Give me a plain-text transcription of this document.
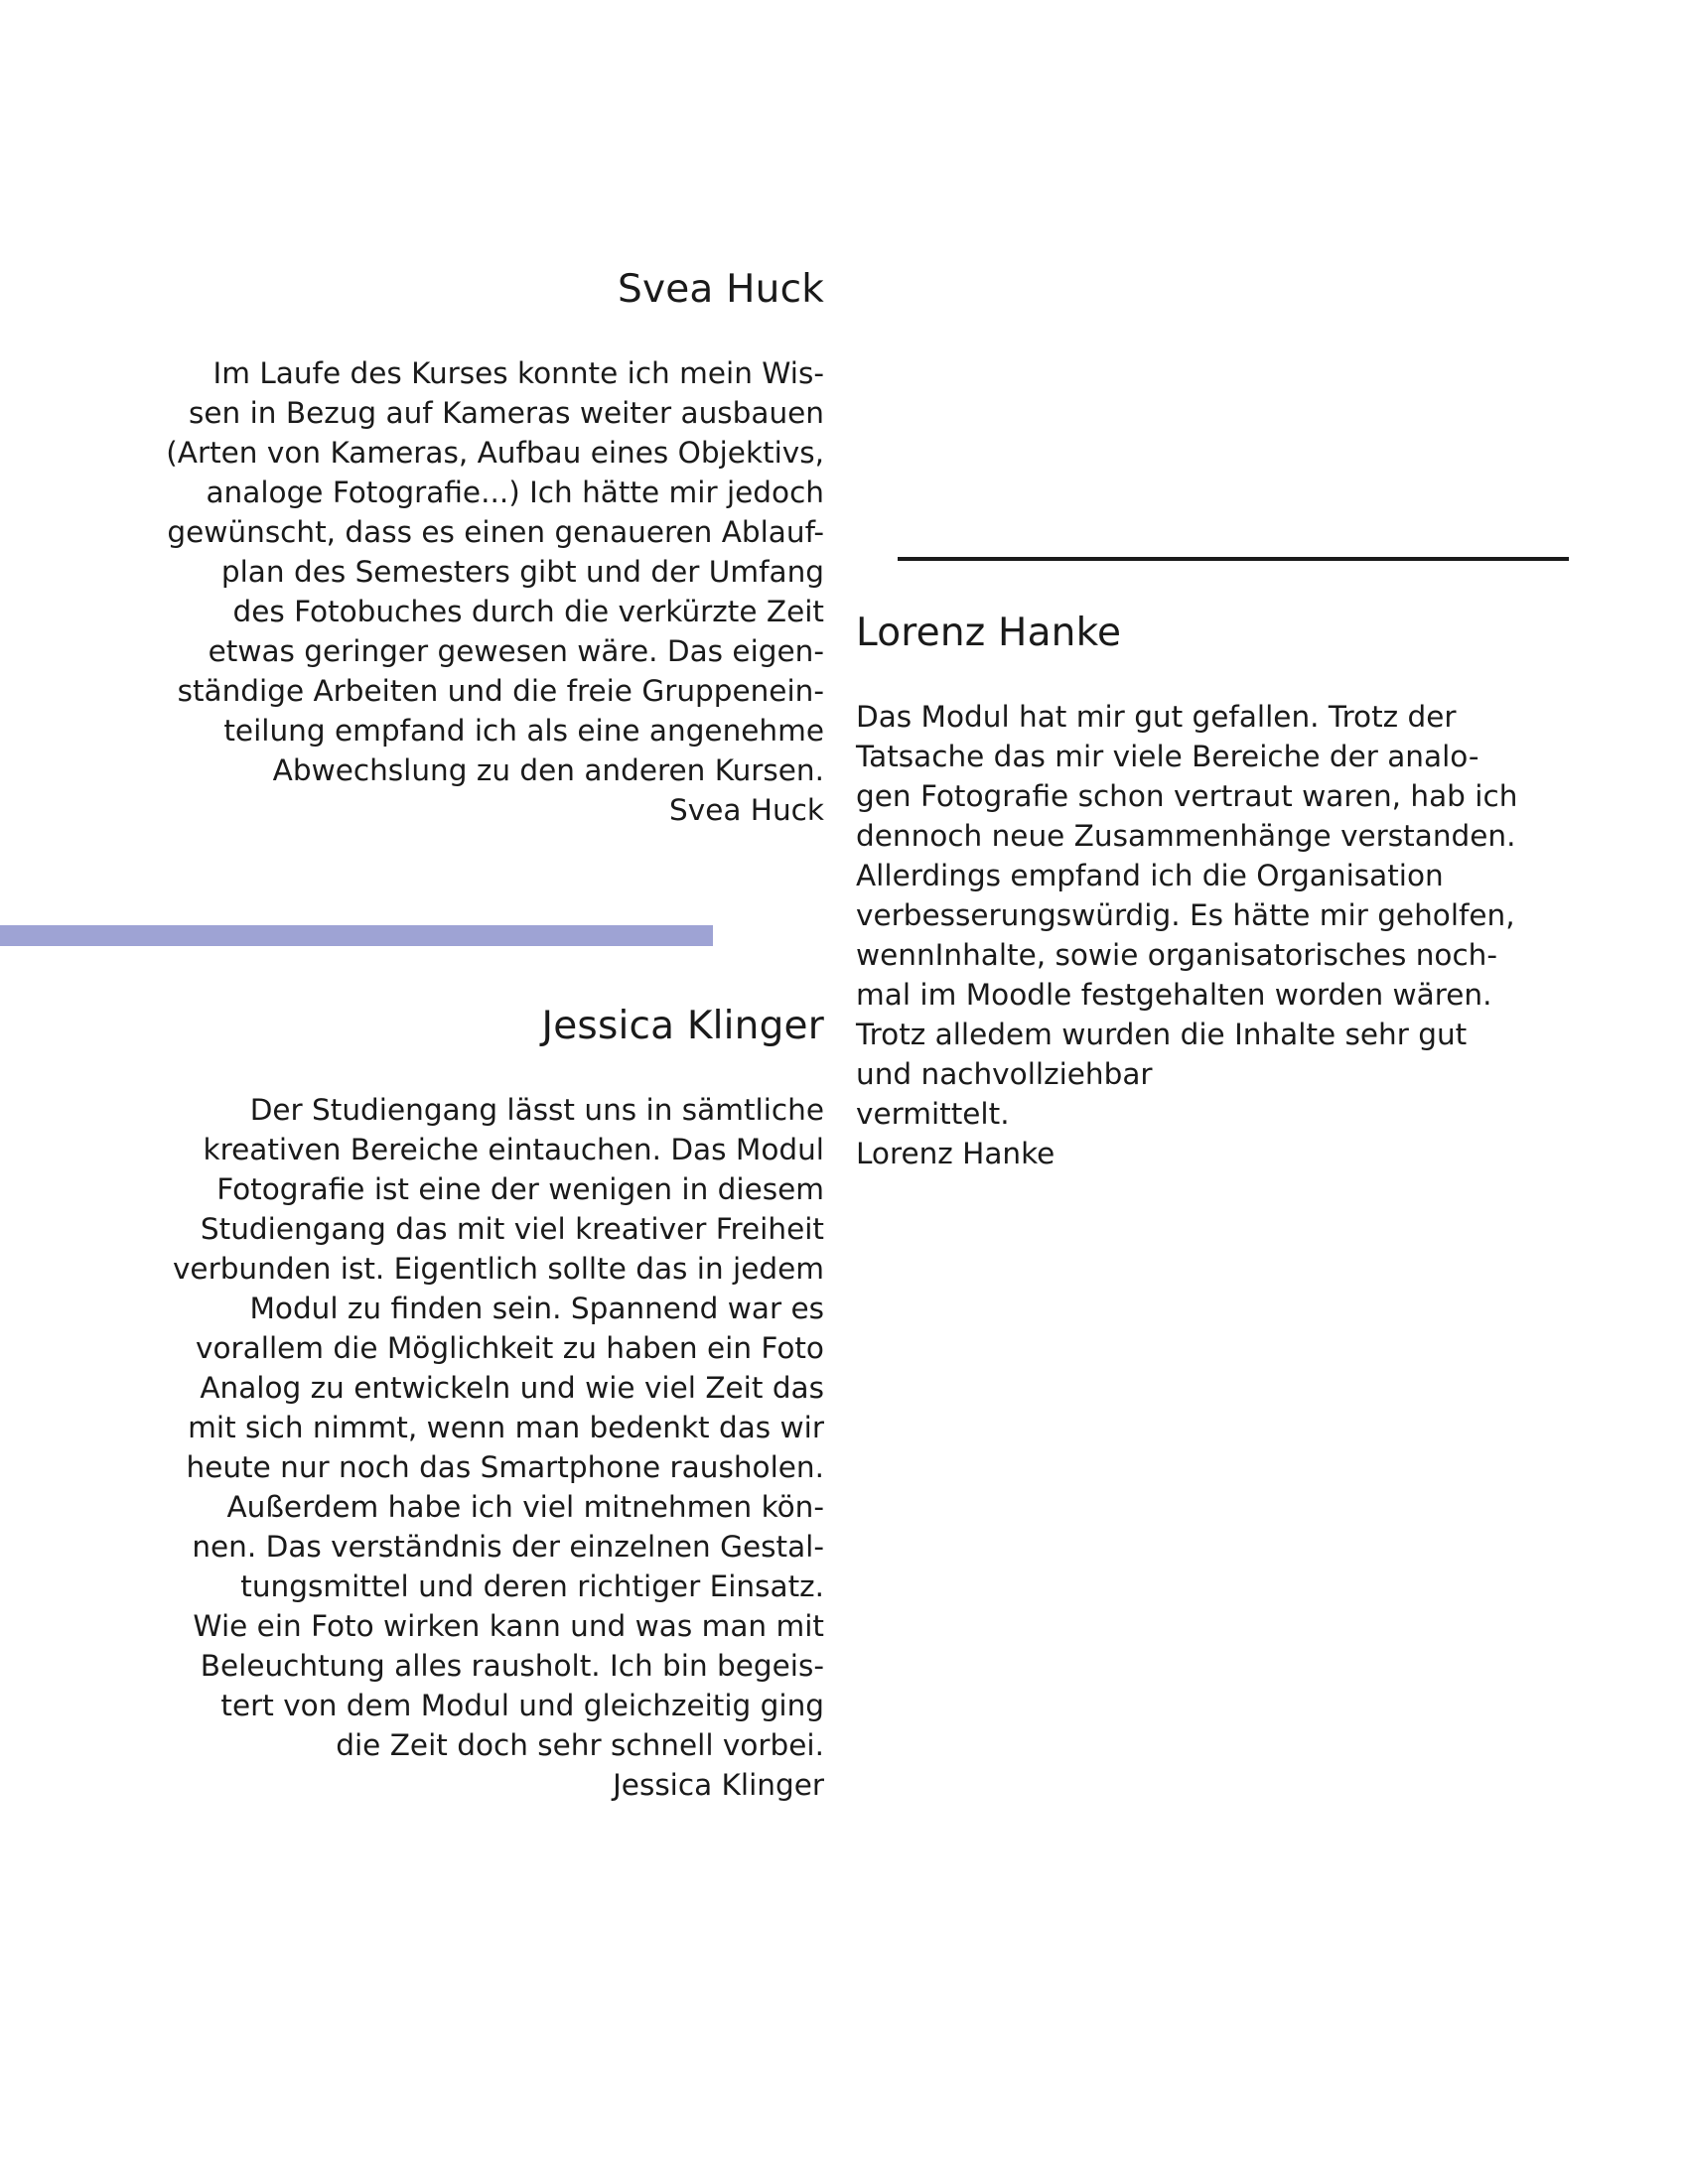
Svea Huck

Im Laufe des Kurses konnte ich mein Wis-
sen in Bezug auf Kameras weiter ausbauen
(Arten von Kameras, Aufbau eines Objektivs,
analoge Fotografie...) Ich hätte mir jedoch
gewünscht, dass es einen genaueren Ablauf-
plan des Semesters gibt und der Umfang
des Fotobuches durch die verkürzte Zeit
etwas geringer gewesen wäre. Das eigen-
ständige Arbeiten und die freie Gruppenein-
teilung empfand ich als eine angenehme
Abwechslung zu den anderen Kursen.
Svea Huck

Jessica Klinger

Der Studiengang lässt uns in sämtliche
kreativen Bereiche eintauchen. Das Modul
Fotografie ist eine der wenigen in diesem
Studiengang das mit viel kreativer Freiheit
verbunden ist. Eigentlich sollte das in jedem
Modul zu finden sein. Spannend war es
vorallem die Möglichkeit zu haben ein Foto
Analog zu entwickeln und wie viel Zeit das
mit sich nimmt, wenn man bedenkt das wir
heute nur noch das Smartphone rausholen.
Außerdem habe ich viel mitnehmen kön-
nen. Das verständnis der einzelnen Gestal-
tungsmittel und deren richtiger Einsatz.
Wie ein Foto wirken kann und was man mit
Beleuchtung alles rausholt. Ich bin begeis-
tert von dem Modul und gleichzeitig ging
die Zeit doch sehr schnell vorbei.
Jessica Klinger

Lorenz Hanke

Das Modul hat mir gut gefallen. Trotz der
Tatsache das mir viele Bereiche der analo-
gen Fotografie schon vertraut waren, hab ich
dennoch neue Zusammenhänge verstanden.
Allerdings empfand ich die Organisation
verbesserungswürdig. Es hätte mir geholfen,
wennInhalte, sowie organisatorisches noch-
mal im Moodle festgehalten worden wären.
Trotz alledem wurden die Inhalte sehr gut
und nachvollziehbar
vermittelt.
Lorenz Hanke
